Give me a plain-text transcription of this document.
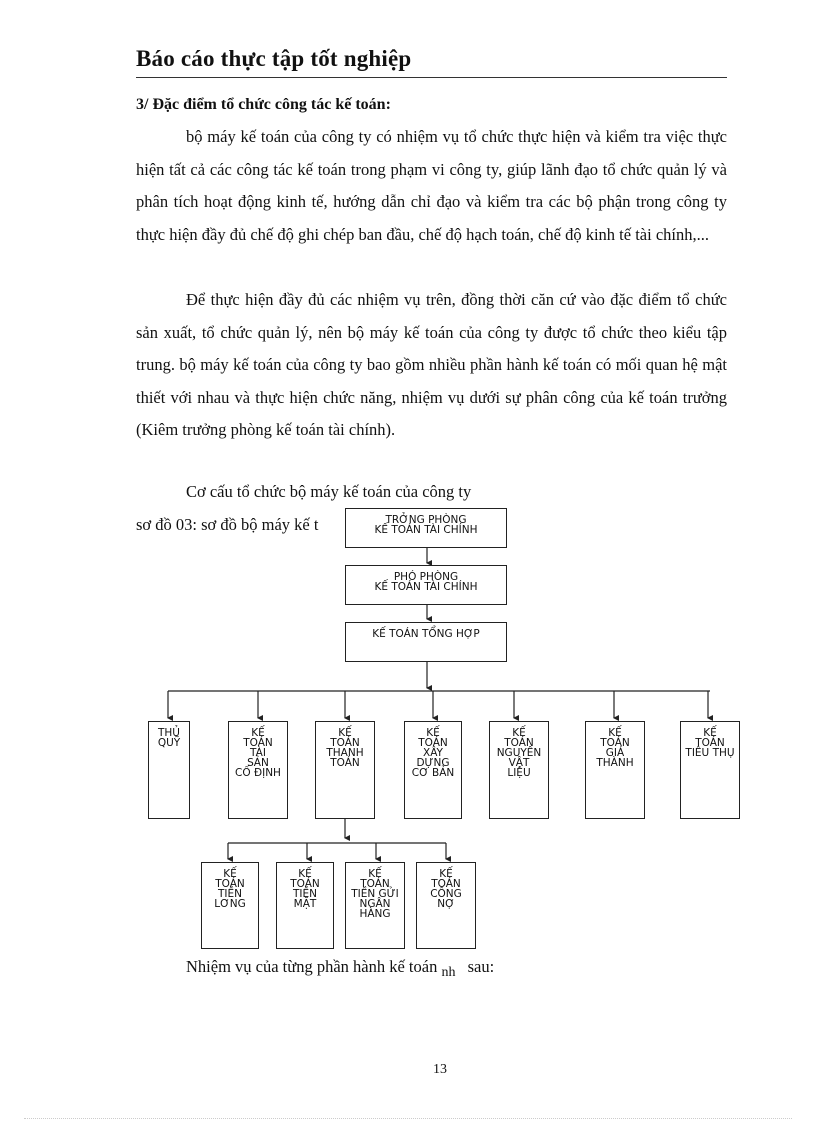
Báo cáo thực tập tốt nghiệp
3/ Đặc điểm tổ chức công tác kế toán:

bộ máy kế toán của công ty có nhiệm vụ tổ chức thực hiện và kiểm tra việc thực hiện tất cả các công tác kế toán trong phạm vi công ty, giúp lãnh đạo tổ chức quản lý và phân tích hoạt động kinh tế, hướng dẫn chỉ đạo và kiểm tra các bộ phận trong công ty thực hiện đầy đủ chế độ ghi chép ban đầu, chế độ hạch toán, chế độ kinh tế tài chính,...

Để thực hiện đầy đủ các nhiệm vụ trên, đồng thời căn cứ vào đặc điểm tổ chức sản xuất, tổ chức quản lý, nên bộ máy kế toán của công ty được tổ chức theo kiểu tập trung. bộ máy kế toán của công ty bao gồm nhiều phần hành kế toán có mối quan hệ mật thiết với nhau và thực hiện chức năng, nhiệm vụ dưới sự phân công của kế toán trưởng (Kiêm trưởng phòng kế toán tài chính).

Cơ cấu tổ chức bộ máy kế toán của công ty
sơ đồ 03: sơ đồ bộ máy kế t	TRỞNG PHÒNG
KẾ TOÁN TÀI CHÍNH
PHÓ PHÒNG
KẾ TOÁN TÀI CHÍNH
KẾ TOÁN TỔNG HỢP
THỦ
QUỸ
KẾ
TOÁN
TÀI
SẢN
CỐ ĐỊNH
KẾ
TOÁN
THANH
TOÁN
KẾ
TOÁN
XÂY
DỰNG
CƠ BẢN
KẾ
TOÁN
NGUYÊN
VẬT
LIỆU
KẾ
TOÁN
GIÁ
THÀNH
KẾ
TOÁN
TIÊU THỤ
KẾ
TOÁN
TIỀN
LƠNG
KẾ
TOÁN
TIỀN
MẶT
KẾ
TOÁN
TIỀN GỬI
NGÂN
HÀNG
KẾ
TOÁN
CÔNG
NỢ
Nhiệm vụ của từng phần hành kế toán $_{nh}$ sau:
13
